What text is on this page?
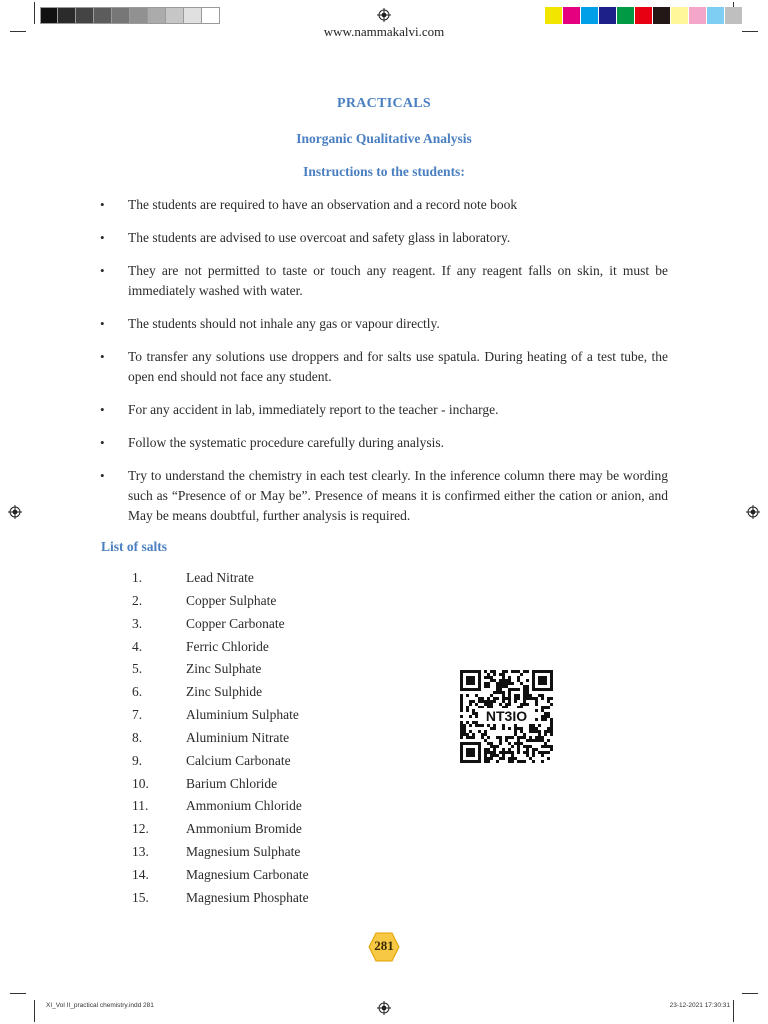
www.nammakalvi.com
PRACTICALS
Inorganic Qualitative Analysis
Instructions to the students:
• The students are required to have an observation and a record note book
• The students are advised to use overcoat and safety glass in laboratory.
• They are not permitted to taste or touch any reagent. If any reagent falls on skin, it must be immediately washed with water.
• The students should not inhale any gas or vapour directly.
• To transfer any solutions use droppers and for salts use spatula. During heating of a test tube, the open end should not face any student.
• For any accident in lab, immediately report to the teacher - incharge.
• Follow the systematic procedure carefully during analysis.
• Try to understand the chemistry in each test clearly. In the inference column there may be wording such as “Presence of or May be”. Presence of means it is confirmed either the cation or anion, and May be means doubtful, further analysis is required.
List of salts
1.	Lead Nitrate
2.	Copper Sulphate
3.	Copper Carbonate
4.	Ferric Chloride
5.	Zinc Sulphate
6.	Zinc Sulphide
7.	Aluminium Sulphate
8.	Aluminium Nitrate
9.	Calcium Carbonate
10.	Barium Chloride
11.	Ammonium Chloride
12.	Ammonium Bromide
13.	Magnesium Sulphate
14.	Magnesium Carbonate
15.	Magnesium Phosphate
NT3IO
281
XI_Vol II_practical chemistry.indd 281	23-12-2021 17:30:31
